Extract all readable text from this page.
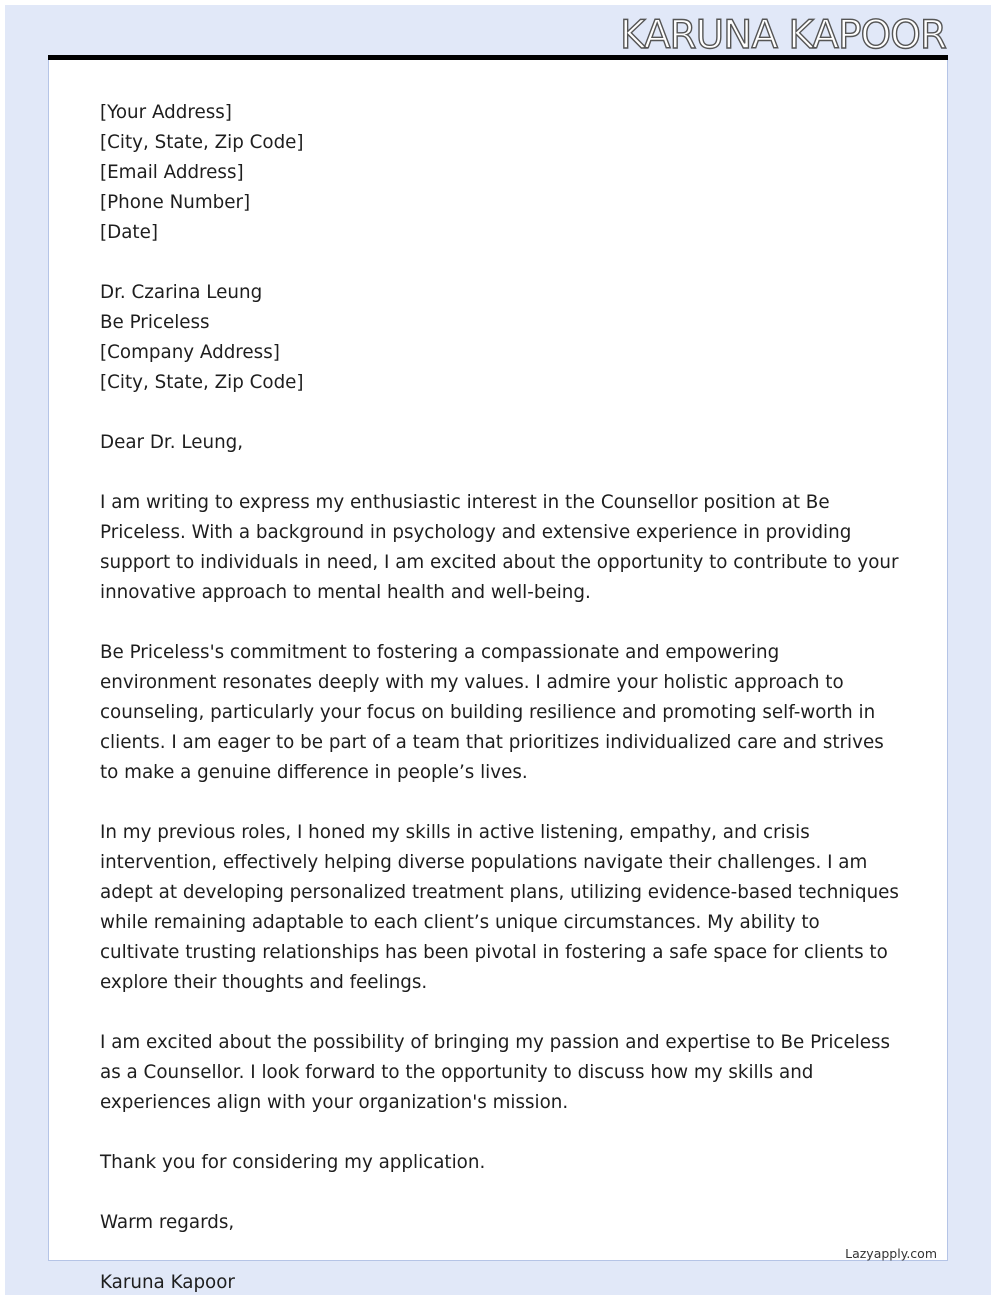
KARUNA KAPOOR
[Your Address]
[City, State, Zip Code]
[Email Address]
[Phone Number]
[Date]
Dr. Czarina Leung
Be Priceless
[Company Address]
[City, State, Zip Code]

Dear Dr. Leung,

I am writing to express my enthusiastic interest in the Counsellor position at Be Priceless. With a background in psychology and extensive experience in providing support to individuals in need, I am excited about the opportunity to contribute to your innovative approach to mental health and well-being.

Be Priceless's commitment to fostering a compassionate and empowering environment resonates deeply with my values. I admire your holistic approach to counseling, particularly your focus on building resilience and promoting self-worth in clients. I am eager to be part of a team that prioritizes individualized care and strives to make a genuine difference in people’s lives.

In my previous roles, I honed my skills in active listening, empathy, and crisis intervention, effectively helping diverse populations navigate their challenges. I am adept at developing personalized treatment plans, utilizing evidence-based techniques while remaining adaptable to each client’s unique circumstances. My ability to cultivate trusting relationships has been pivotal in fostering a safe space for clients to explore their thoughts and feelings.

I am excited about the possibility of bringing my passion and expertise to Be Priceless as a Counsellor. I look forward to the opportunity to discuss how my skills and experiences align with your organization's mission.

Thank you for considering my application.

Warm regards,

Lazyapply.com
Karuna Kapoor
